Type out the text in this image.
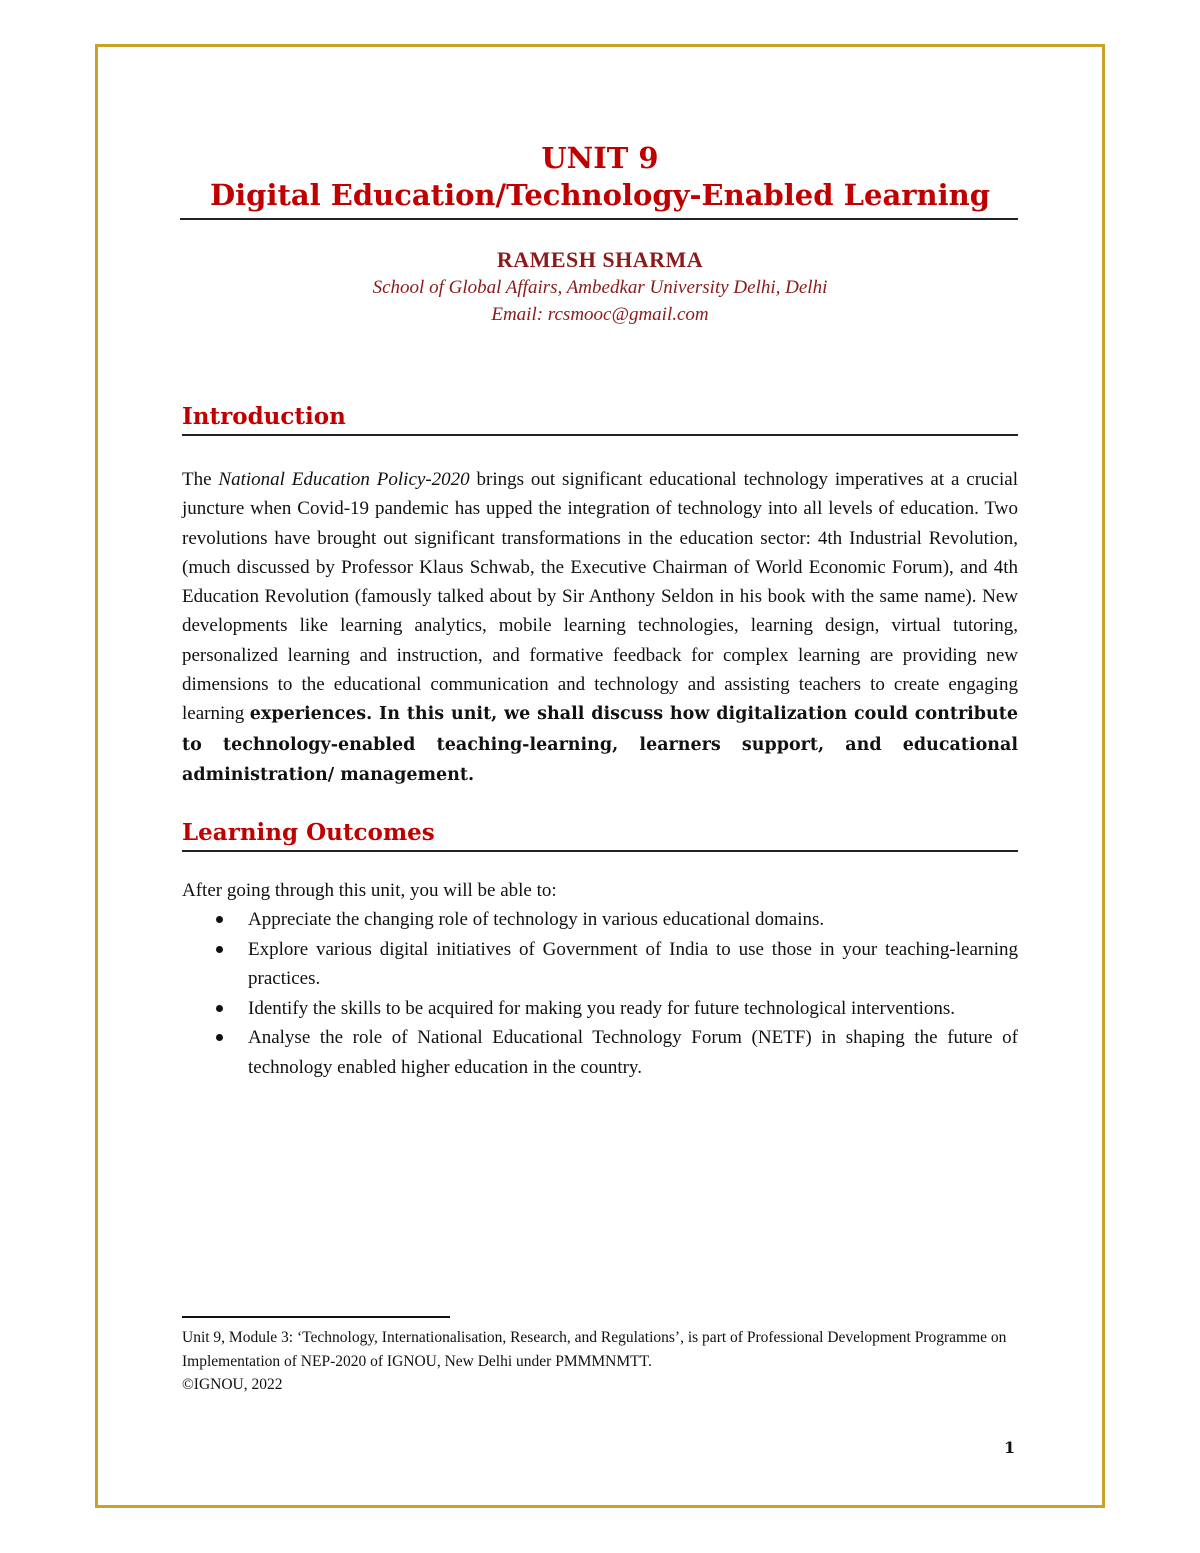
UNIT 9
Digital Education/Technology-Enabled Learning
RAMESH SHARMA
School of Global Affairs, Ambedkar University Delhi, Delhi
Email: rcsmooc@gmail.com
Introduction

The National Education Policy-2020 brings out significant educational technology imperatives at a crucial juncture when Covid-19 pandemic has upped the integration of technology into all levels of education. Two revolutions have brought out significant transformations in the education sector: 4th Industrial Revolution, (much discussed by Professor Klaus Schwab, the Executive Chairman of World Economic Forum), and 4th Education Revolution (famously talked about by Sir Anthony Seldon in his book with the same name). New developments like learning analytics, mobile learning technologies, learning design, virtual tutoring, personalized learning and instruction, and formative feedback for complex learning are providing new dimensions to the educational communication and technology and assisting teachers to create engaging learning experiences. In this unit, we shall discuss how digitalization could contribute to technology-enabled teaching-learning, learners support, and educational administration/ management.

Learning Outcomes

After going through this unit, you will be able to:

Appreciate the changing role of technology in various educational domains.
Explore various digital initiatives of Government of India to use those in your teaching-learning practices.
Identify the skills to be acquired for making you ready for future technological interventions.
Analyse the role of National Educational Technology Forum (NETF) in shaping the future of technology enabled higher education in the country.
Unit 9, Module 3: ‘Technology, Internationalisation, Research, and Regulations’, is part of Professional Development Programme on Implementation of NEP-2020 of IGNOU, New Delhi under PMMMNMTT.
©IGNOU, 2022
1
